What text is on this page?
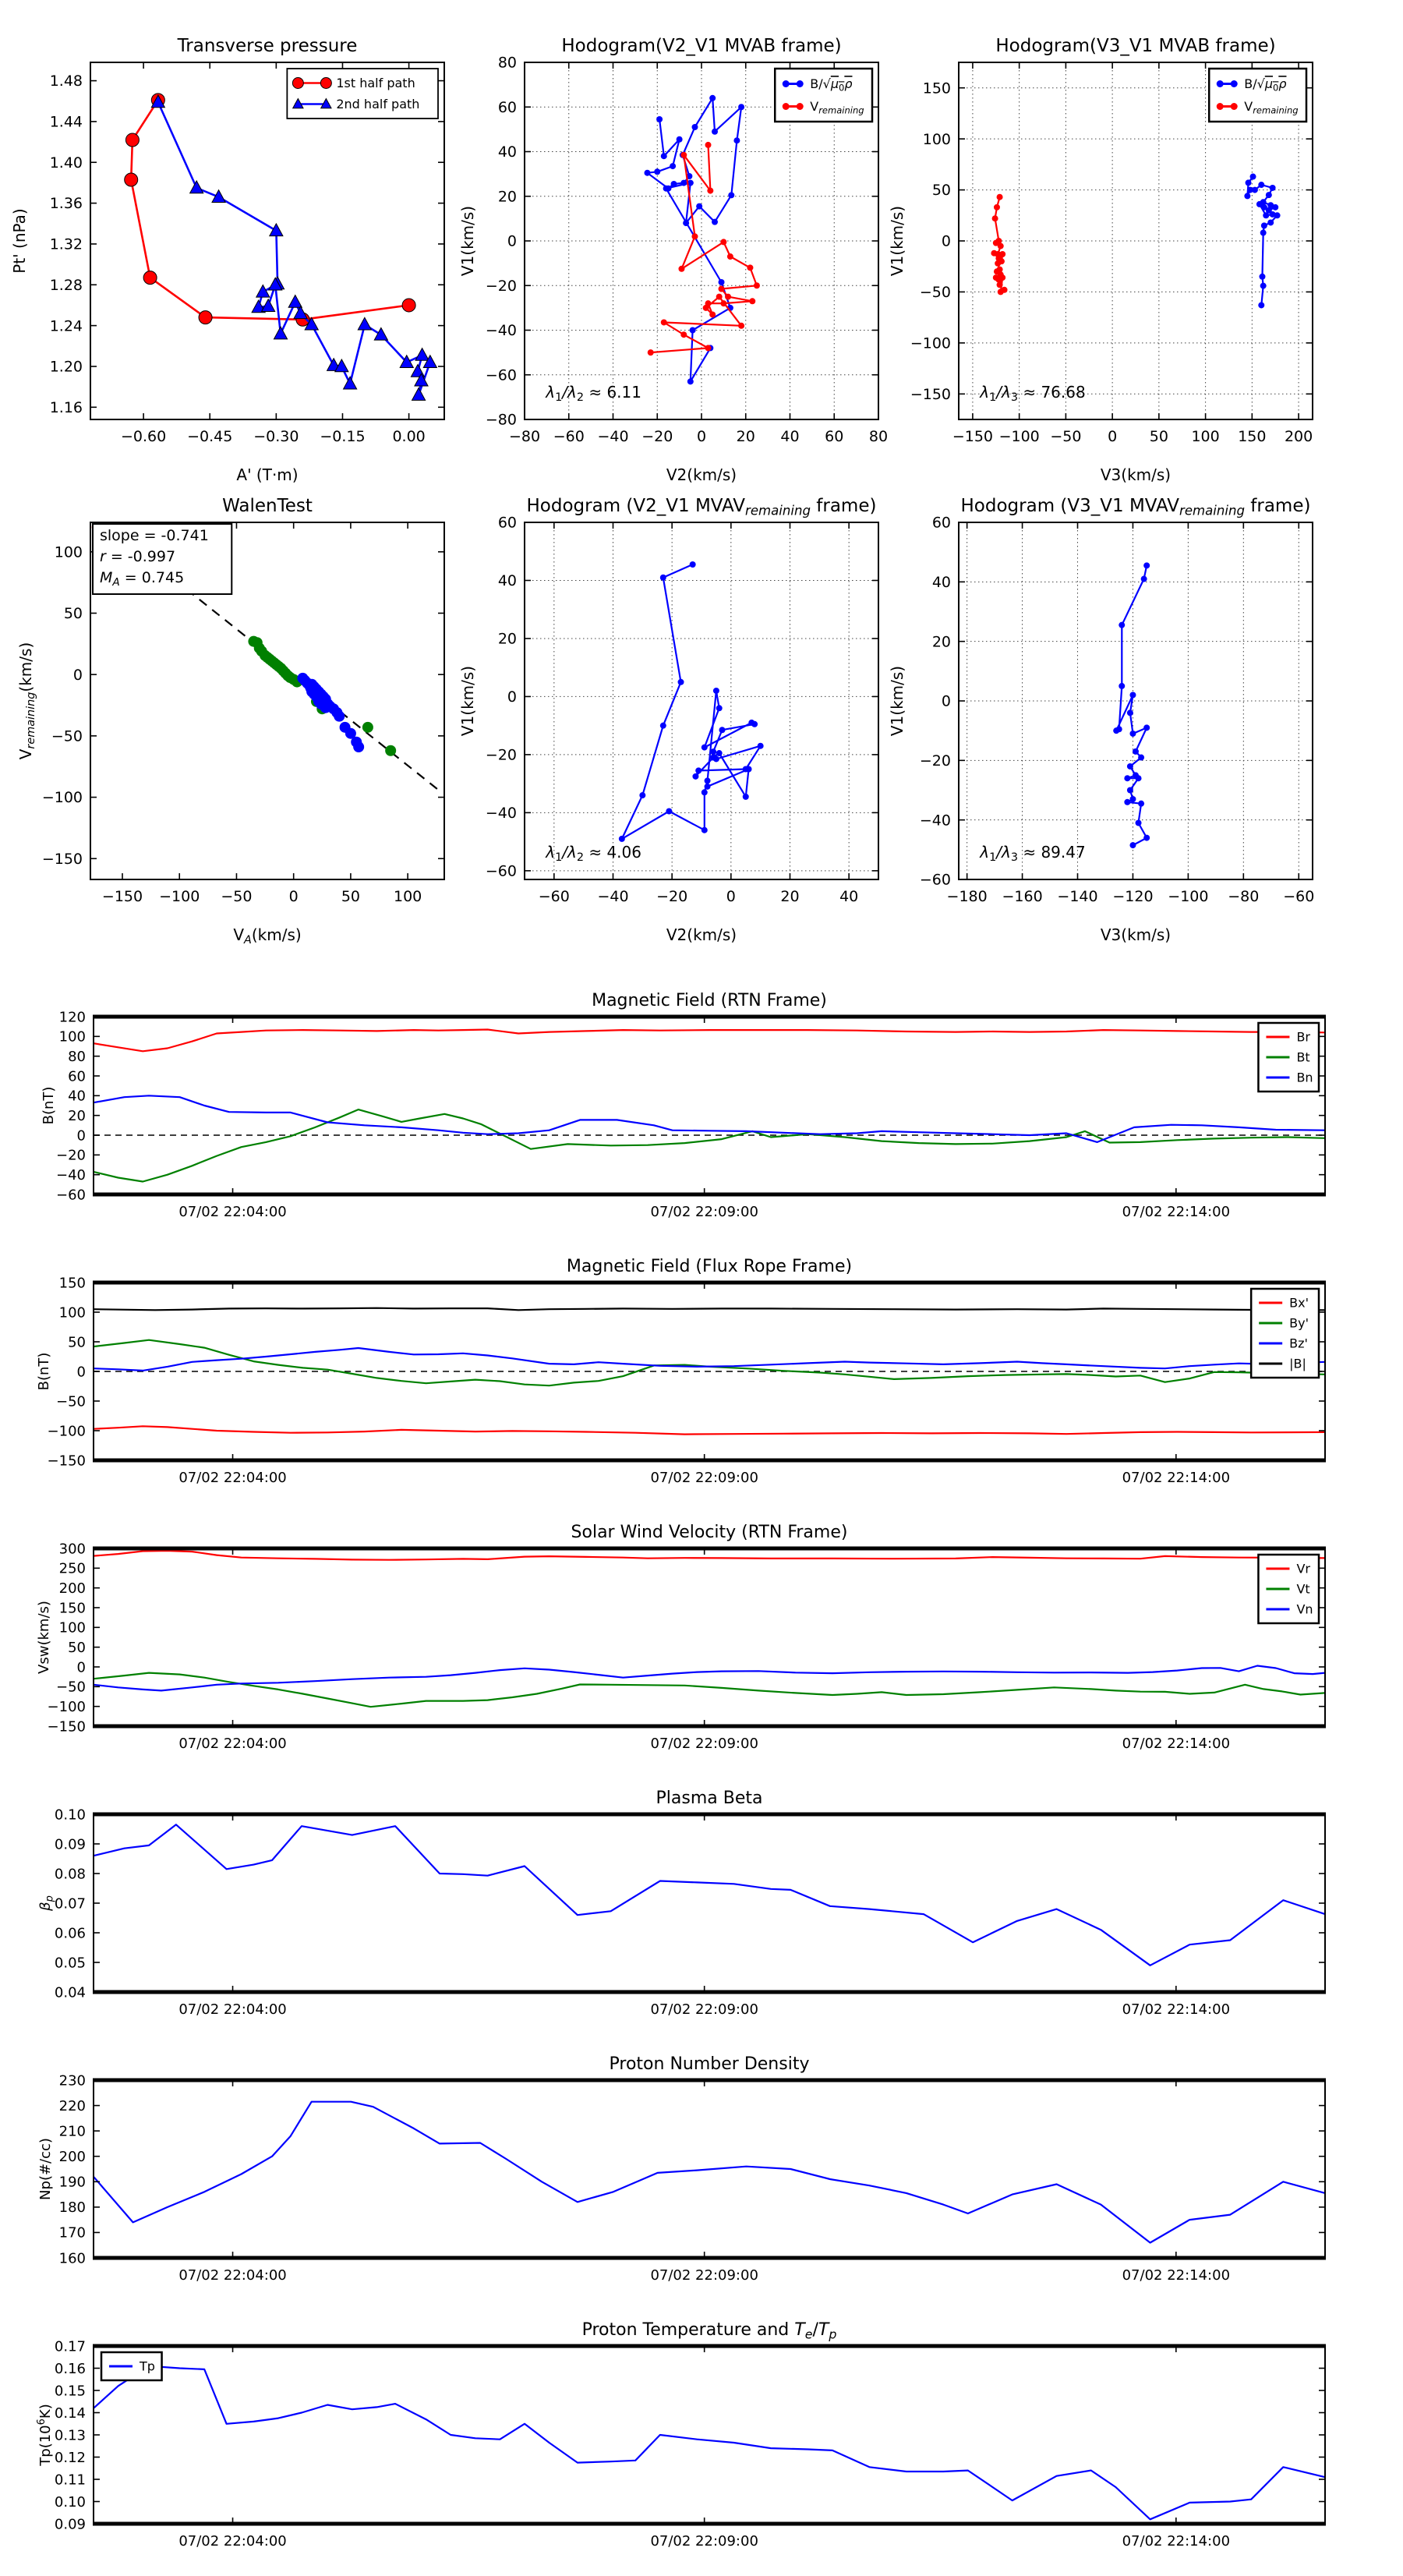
−0.60 −0.45 −0.30 −0.15 0.00
1.16
1.20
1.24
1.28
1.32
1.36
1.40
1.44
1.48
Transverse pressure
A' (T·m)
Pt' (nPa)
1st half path
2nd half path
−80 −60 −40 −20 0 20 40 60 80
−80
−60
−40
−20
0
20
40
60
80
Hodogram(V2_V1 MVAB frame)
V2(km/s)
V1(km/s)
$\lambda_1/\lambda_2 \approx 6.11$
$B/√\mu_0\rho$
$V_{remaining}$
−150 −100 −50 0 50 100 150 200
−150
−100
−50
0
50
100
150
Hodogram(V3_V1 MVAB frame)
V3(km/s)
V1(km/s)
$\lambda_1/\lambda_3 \approx 76.68$
$B/√\mu_0\rho$
$V_{remaining}$
−150 −100 −50 0	50 100
−150
−100
−50
0
50
100
WalenTest
$V_A(km/s)$
$V_{remaining}(km/s)$
slope = -0.741
r = -0.997
$M_A = 0.745$
−60 −40 −20	0	20	40
−60
−40
−20
0
20
40
60
Hodogram (V2_V1 $MVAV_{remaining}$ frame)
V2(km/s)
V1(km/s)
$\lambda_1/\lambda_2 \approx 4.06$
−180 −160 −140 −120 −100 −80 −60
−60
−40
−20
0
20
40
60
Hodogram (V3_V1 $MVAV_{remaining}$ frame)
V3(km/s)
V1(km/s)
$\lambda_1/\lambda_3 \approx 89.47$
07/02 22:04:00	07/02 22:09:00	07/02 22:14:00
−60
−40
−20
0
20
40
60
80
100
120
Magnetic Field (RTN Frame)
B(nT)
Br
Bt
Bn
07/02 22:04:00	07/02 22:09:00	07/02 22:14:00
−150
−100
−50
0
50
100
150
Magnetic Field (Flux Rope Frame)
B(nT)
Bx'
By'
Bz'
|B|
07/02 22:04:00	07/02 22:09:00	07/02 22:14:00
−150
−100
−50
0
50
100
150
200
250
300
Solar Wind Velocity (RTN Frame)
Vsw(km/s)
Vr
Vt
Vn
07/02 22:04:00	07/02 22:09:00	07/02 22:14:00
0.04
0.05
0.06
0.07
0.08
0.09
0.10
Plasma Beta
$\beta_p$
07/02 22:04:00	07/02 22:09:00	07/02 22:14:00
160
170
180
190
200
210
220
230
Proton Number Density
Np(#/cc)
07/02 22:04:00	07/02 22:09:00	07/02 22:14:00
0.09
0.10
0.11
0.12
0.13
0.14
0.15
0.16
0.17
Proton Temperature and $T_e/T_p$
$Tp(10^6K)$
Tp
